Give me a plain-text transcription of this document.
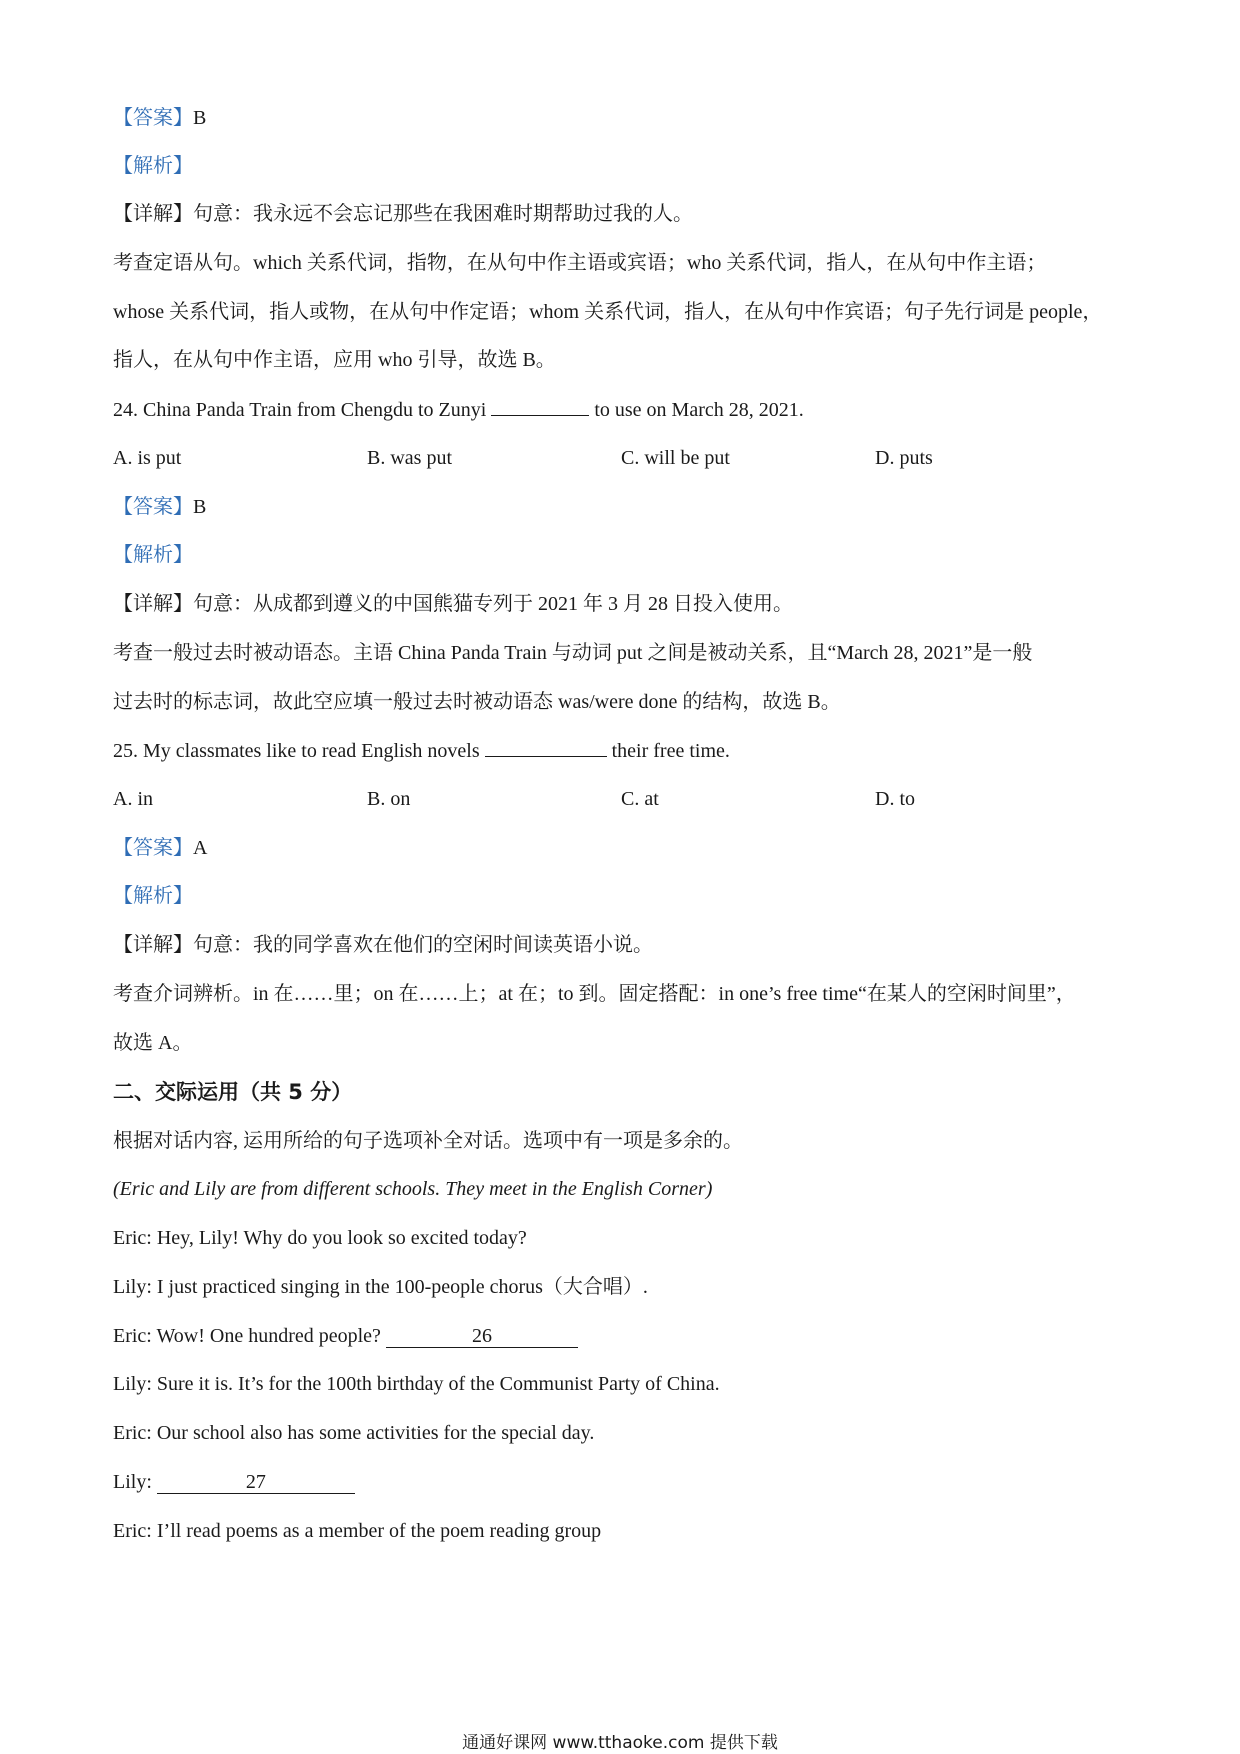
【答案】B
【解析】
【详解】句意：我永远不会忘记那些在我困难时期帮助过我的人。
考查定语从句。which 关系代词，指物，在从句中作主语或宾语；who 关系代词，指人，在从句中作主语；
whose 关系代词，指人或物，在从句中作定语；whom 关系代词，指人，在从句中作宾语；句子先行词是 people，
指人，在从句中作主语，应用 who 引导，故选 B。
24. China Panda Train from Chengdu to Zunyi	to use on March 28, 2021.
A. is put	B. was put	C. will be put	D. puts
【答案】B
【解析】
【详解】句意：从成都到遵义的中国熊猫专列于 2021 年 3 月 28 日投入使用。
考查一般过去时被动语态。主语 China Panda Train 与动词 put 之间是被动关系，且“March 28, 2021”是一般
过去时的标志词，故此空应填一般过去时被动语态 was/were done 的结构，故选 B。
25. My classmates like to read English novels	their free time.
A. in	B. on	C. at	D. to
【答案】A
【解析】
【详解】句意：我的同学喜欢在他们的空闲时间读英语小说。
考查介词辨析。in 在……里；on 在……上；at 在；to 到。固定搭配：in one’s free time“在某人的空闲时间里”，
故选 A。
二、交际运用（共 5 分）
根据对话内容, 运用所给的句子选项补全对话。选项中有一项是多余的。
(Eric and Lily are from different schools. They meet in the English Corner)
Eric: Hey, Lily! Why do you look so excited today?
Lily: I just practiced singing in the 100-people chorus（大合唱）.
Eric: Wow! One hundred people?	26
Lily: Sure it is. It’s for the 100th birthday of the Communist Party of China.
Eric: Our school also has some activities for the special day.
Lily:	27
Eric: I’ll read poems as a member of the poem reading group
通通好课网 www.tthaoke.com 提供下载
